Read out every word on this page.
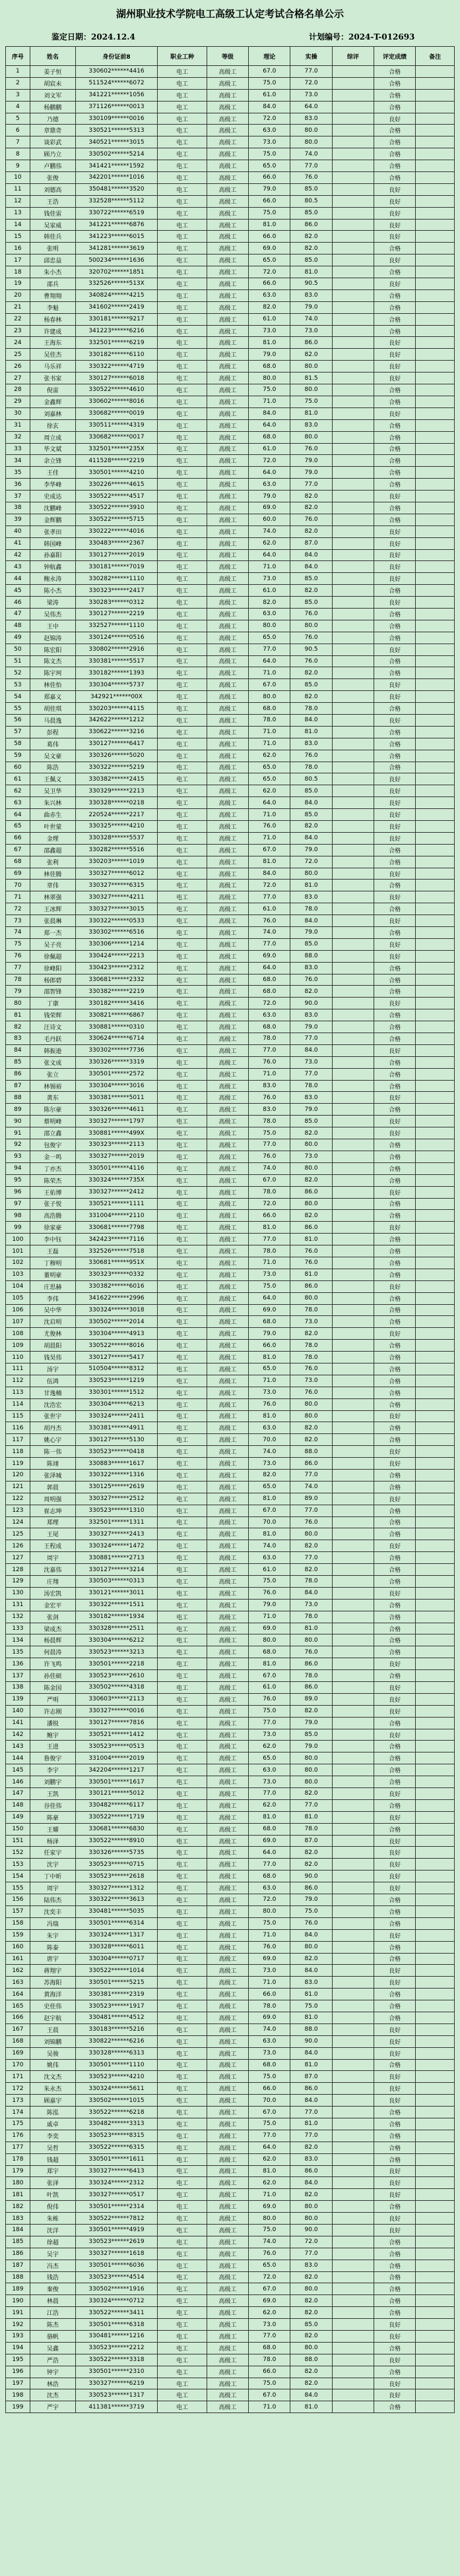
湖州职业技术学院电工高级工认定考试合格名单公示
鉴定日期：2024.12.4	计划编号：2024-T-012693
序号	姓名	身份证前8	职业工种	等级	理论	实操	综评	评定成绩	备注
1	姜子恒	330602******4416	电工	高级工	67.0	77.0		合格	
2	胡宸未	511524******6072	电工	高级工	75.0	72.0		合格	
3	刘文军	341221******1056	电工	高级工	61.0	73.0		合格	
4	杨鹏鹏	371126******0013	电工	高级工	84.0	64.0		合格	
5	乃德	330109******0016	电工	高级工	72.0	83.0		良好	
6	章鼎奇	330521******5313	电工	高级工	63.0	80.0		合格	
7	谈彩武	340521******3015	电工	高级工	73.0	80.0		合格	
8	顾乃立	330502******5214	电工	高级工	75.0	74.0		合格	
9	卢鹏伟	341421******1592	电工	高级工	65.0	77.0		合格	
10	张俊	342201******1016	电工	高级工	66.0	76.0		合格	
11	刘德高	350481******3520	电工	高级工	79.0	85.0		良好	
12	王浩	332528******5112	电工	高级工	66.0	80.5		良好	
13	钱佳雷	330722******6519	电工	高级工	75.0	85.0		良好	
14	吴家威	341221******6876	电工	高级工	81.0	86.0		良好	
15	韩佳兵	341223******6015	电工	高级工	66.0	82.0		良好	
16	张明	341281******3619	电工	高级工	69.0	82.0		合格	
17	邱忠益	500234******1636	电工	高级工	65.0	85.0		良好	
18	朱小杰	320702******1851	电工	高级工	72.0	81.0		合格	
19	邵兵	332526******513X	电工	高级工	66.0	90.5		良好	
20	曹翔翔	340824******4215	电工	高级工	63.0	83.0		合格	
21	李魁	341602******2419	电工	高级工	82.0	79.0		合格	
22	杨春林	330181******9217	电工	高级工	61.0	74.0		合格	
23	许建成	341223******6216	电工	高级工	73.0	73.0		合格	
24	王海东	332501******6219	电工	高级工	81.0	86.0		良好	
25	吴佳杰	330182******6110	电工	高级工	79.0	82.0		良好	
26	马乐祥	330322******4719	电工	高级工	68.0	80.0		良好	
27	张书家	330127******6018	电工	高级工	80.0	81.5		良好	
28	倪雷	330522******4610	电工	高级工	75.0	80.0		合格	
29	金鑫辉	330602******8016	电工	高级工	71.0	75.0		合格	
30	刘嘉林	330682******0019	电工	高级工	84.0	81.0		良好	
31	徐玄	330511******4319	电工	高级工	64.0	83.0		合格	
32	周立成	330682******0017	电工	高级工	68.0	80.0		合格	
33	毕文斌	332501******235X	电工	高级工	61.0	76.0		合格	
34	余立锋	411528******2219	电工	高级工	72.0	79.0		合格	
35	王佳	330501******4210	电工	高级工	64.0	79.0		合格	
36	李华峰	330226******4615	电工	高级工	63.0	77.0		合格	
37	史成达	330522******4517	电工	高级工	79.0	82.0		良好	
38	沈鹏峰	330522******3910	电工	高级工	69.0	82.0		合格	
39	金辉鹏	330522******5715	电工	高级工	60.0	76.0		合格	
40	张孝田	330222******4016	电工	高级工	74.0	82.0		良好	
41	韩国峰	330483******2367	电工	高级工	62.0	87.0		良好	
42	孙嘉阳	330127******2019	电工	高级工	64.0	84.0		良好	
43	钟航鑫	330181******7019	电工	高级工	71.0	84.0		良好	
44	鲍永涛	330282******1110	电工	高级工	73.0	85.0		良好	
45	陈小杰	330323******2417	电工	高级工	61.0	82.0		合格	
46	梁涛	330283******0312	电工	高级工	82.0	85.0		良好	
47	吴伟杰	330127******2219	电工	高级工	63.0	76.0		合格	
48	王中	332527******1110	电工	高级工	80.0	80.0		合格	
49	赵锦涛	330124******0516	电工	高级工	65.0	76.0		合格	
50	陈宏阳	330802******2916	电工	高级工	77.0	90.5		良好	
51	陈文杰	330381******5517	电工	高级工	64.0	76.0		合格	
52	陈宇珂	330182******1393	电工	高级工	71.0	82.0		合格	
53	林佳怡	330304******5737	电工	高级工	67.0	85.0		良好	
54	郑嘉义	342921******00X	电工	高级工	80.0	82.0		良好	
55	胡佳琪	330203******4115	电工	高级工	68.0	78.0		合格	
56	马晨逸	342622******1212	电工	高级工	78.0	84.0		良好	
57	彭程	330622******3216	电工	高级工	71.0	81.0		合格	
58	葛伟	330127******6417	电工	高级工	71.0	83.0		合格	
59	吴文豪	330326******5020	电工	高级工	62.0	76.0		合格	
60	陈浩	330322******5219	电工	高级工	65.0	78.0		合格	
61	王佩义	330382******2415	电工	高级工	65.0	80.5		良好	
62	吴卫华	330329******2213	电工	高级工	62.0	85.0		良好	
63	朱兴林	330328******0218	电工	高级工	64.0	84.0		良好	
64	曲赤生	220524******2217	电工	高级工	71.0	85.0		良好	
65	叶世蒙	330325******4210	电工	高级工	76.0	82.0		良好	
66	金理	330328******5537	电工	高级工	71.0	84.0		良好	
67	邵鑫超	330282******5516	电工	高级工	67.0	79.0		合格	
68	张利	330203******1019	电工	高级工	81.0	72.0		合格	
69	林佳腾	330327******6012	电工	高级工	84.0	80.0		良好	
70	章伟	330327******6315	电工	高级工	72.0	81.0		合格	
71	林翠强	330327******4211	电工	高级工	77.0	83.0		良好	
72	王冰辉	330327******3015	电工	高级工	61.0	78.0		合格	
73	张晨琳	330322******0533	电工	高级工	76.0	84.0		良好	
74	郑一杰	330302******6516	电工	高级工	74.0	79.0		合格	
75	吴子亮	330306******1214	电工	高级工	77.0	85.0		良好	
76	徐佩超	330424******2213	电工	高级工	69.0	88.0		良好	
77	徐峰阳	330423******2312	电工	高级工	64.0	83.0		合格	
78	杨郎碧	330681******2332	电工	高级工	68.0	76.0		合格	
79	邵智锋	330382******2219	电工	高级工	68.0	82.0		合格	
80	丁康	330182******3416	电工	高级工	72.0	90.0		良好	
81	钱荣辉	330821******6867	电工	高级工	63.0	83.0		合格	
82	汪诗文	330881******0310	电工	高级工	68.0	79.0		合格	
83	毛丹跃	330624******6714	电工	高级工	78.0	77.0		合格	
84	韩振逊	330302******7736	电工	高级工	77.0	84.0		良好	
85	张文成	330326******3319	电工	高级工	76.0	73.0		合格	
86	张立	330501******2572	电工	高级工	71.0	77.0		合格	
87	林锡裕	330304******3016	电工	高级工	83.0	78.0		合格	
88	黄东	330381******5011	电工	高级工	76.0	83.0		良好	
89	陈尔豪	330326******4611	电工	高级工	83.0	79.0		合格	
90	蔡明峰	330327******1797	电工	高级工	78.0	85.0		良好	
91	邵立鑫	330881******499X	电工	高级工	75.0	82.0		良好	
92	包俊宇	330323******2113	电工	高级工	77.0	80.0		合格	
93	金一鸣	330327******2019	电工	高级工	76.0	73.0		合格	
94	丁亦杰	330501******4116	电工	高级工	74.0	80.0		合格	
95	陈荣杰	330324******735X	电工	高级工	67.0	82.0		合格	
96	王佑博	330327******2412	电工	高级工	78.0	86.0		良好	
97	张子悦	330521******1111	电工	高级工	72.0	80.0		合格	
98	高浩腾	331004******2110	电工	高级工	66.0	82.0		合格	
99	徐家豪	330681******7798	电工	高级工	81.0	86.0		良好	
100	李中钰	342423******7116	电工	高级工	77.0	81.0		合格	
101	王磊	332526******7518	电工	高级工	78.0	76.0		合格	
102	丁穆明	330681******951X	电工	高级工	71.0	76.0		合格	
103	董明豪	330323******0332	电工	高级工	73.0	81.0		合格	
104	庄思赫	330382******6016	电工	高级工	75.0	86.0		良好	
105	李伟	341622******2996	电工	高级工	64.0	80.0		合格	
106	吴中华	330324******3018	电工	高级工	69.0	78.0		合格	
107	沈启明	330502******2014	电工	高级工	68.0	73.0		合格	
108	尤俊林	330304******4913	电工	高级工	79.0	82.0		良好	
109	胡晨阳	330522******8016	电工	高级工	66.0	78.0		合格	
110	钱昊伟	330127******5417	电工	高级工	81.0	78.0		合格	
111	汤宇	510504******8312	电工	高级工	65.0	76.0		合格	
112	伍鸿	330523******1219	电工	高级工	71.0	73.0		合格	
113	甘逸楠	330301******1512	电工	高级工	73.0	76.0		合格	
114	沈浩宏	330304******6213	电工	高级工	76.0	80.0		合格	
115	张世宇	330324******2411	电工	高级工	81.0	80.0		良好	
116	胡丹杰	330381******4911	电工	高级工	63.0	82.0		合格	
117	姚心宇	330127******5130	电工	高级工	70.0	82.0		合格	
118	陈一伟	330523******0418	电工	高级工	74.0	88.0		良好	
119	陈翊	330883******1617	电工	高级工	73.0	86.0		良好	
120	张泽城	330322******1316	电工	高级工	82.0	77.0		合格	
121	郭晨	330125******2619	电工	高级工	65.0	74.0		合格	
122	周明强	330327******2512	电工	高级工	81.0	89.0		良好	
123	崔志坤	330523******1310	电工	高级工	67.0	77.0		合格	
124	郑理	332501******1311	电工	高级工	70.0	76.0		合格	
125	王尾	330327******2413	电工	高级工	81.0	80.0		合格	
126	王程成	330324******1472	电工	高级工	74.0	82.0		良好	
127	周宇	330881******2713	电工	高级工	63.0	77.0		合格	
128	沈嘉伟	330127******3214	电工	高级工	61.0	82.0		合格	
129	庄翔	330503******0313	电工	高级工	75.0	78.0		合格	
130	汤宏凯	330121******3011	电工	高级工	76.0	84.0		良好	
131	金宏平	330322******1511	电工	高级工	79.0	73.0		合格	
132	张剑	330182******1934	电工	高级工	71.0	78.0		合格	
133	梁成杰	330328******2511	电工	高级工	69.0	81.0		合格	
134	杨晨辉	330304******6212	电工	高级工	80.0	80.0		合格	
135	何晨涛	330523******3213	电工	高级工	68.0	76.0		合格	
136	许飞鸣	330501******2218	电工	高级工	81.0	86.0		良好	
137	孙佳硕	330523******2610	电工	高级工	67.0	78.0		合格	
138	陈金国	330502******4318	电工	高级工	61.0	86.0		良好	
139	严明	330603******2113	电工	高级工	76.0	89.0		良好	
140	许志刚	330327******0016	电工	高级工	75.0	82.0		良好	
141	潘锐	330127******7816	电工	高级工	77.0	79.0		合格	
142	鲍宇	330521******1412	电工	高级工	73.0	85.0		良好	
143	王进	330523******0513	电工	高级工	62.0	79.0		合格	
144	鲁俊宇	331004******2019	电工	高级工	65.0	80.0		合格	
145	李宇	342204******1217	电工	高级工	63.0	80.0		合格	
146	刘鹏宇	330501******1617	电工	高级工	73.0	80.0		合格	
147	王凯	330121******5012	电工	高级工	77.0	82.0		良好	
148	谷佳伟	330482******6117	电工	高级工	62.0	77.0		合格	
149	陈豪	330522******1719	电工	高级工	81.0	81.0		良好	
150	王耀	330681******6830	电工	高级工	68.0	78.0		合格	
151	杨泽	330522******8910	电工	高级工	69.0	87.0		良好	
152	任家宇	330326******5735	电工	高级工	64.0	82.0		良好	
153	沈宇	330523******0715	电工	高级工	77.0	82.0		良好	
154	丁中昕	330523******2618	电工	高级工	68.0	90.0		良好	
155	周宇	330327******1312	电工	高级工	63.0	86.0		良好	
156	陆伟杰	330322******3613	电工	高级工	72.0	79.0		合格	
157	沈奕丰	330481******5035	电工	高级工	80.0	75.0		合格	
158	冯瑞	330501******6314	电工	高级工	75.0	76.0		合格	
159	朱宇	330324******1317	电工	高级工	71.0	84.0		良好	
160	陈泰	330328******6011	电工	高级工	76.0	80.0		合格	
161	唐宇	330304******0717	电工	高级工	69.0	82.0		合格	
162	蒋翔宇	330522******1014	电工	高级工	73.0	84.0		良好	
163	苏海阳	330501******5215	电工	高级工	71.0	83.0		良好	
164	黄海洋	330381******2319	电工	高级工	66.0	81.0		合格	
165	史佳伟	330523******1917	电工	高级工	78.0	75.0		合格	
166	赵宇航	330481******4512	电工	高级工	69.0	81.0		合格	
167	王晨	330183******5216	电工	高级工	74.0	88.0		良好	
168	刘锦鹏	330822******6216	电工	高级工	63.0	90.0		良好	
169	吴骏	330328******6313	电工	高级工	73.0	84.0		良好	
170	姚伟	330501******1110	电工	高级工	68.0	81.0		合格	
171	沈文杰	330523******4210	电工	高级工	75.0	87.0		良好	
172	朱永杰	330324******5611	电工	高级工	66.0	86.0		良好	
173	顾嘉宇	330502******1015	电工	高级工	70.0	84.0		良好	
174	陈泓	330522******6218	电工	高级工	67.0	77.0		合格	
175	戚卓	330482******3313	电工	高级工	75.0	81.0		合格	
176	李奕	330523******8315	电工	高级工	77.0	77.0		合格	
177	吴哲	330522******6315	电工	高级工	64.0	82.0		合格	
178	钱超	330501******1611	电工	高级工	62.0	83.0		合格	
179	郑宇	330327******6413	电工	高级工	81.0	86.0		良好	
180	张泽	330324******2312	电工	高级工	62.0	84.0		良好	
181	叶凯	330327******0517	电工	高级工	71.0	82.0		良好	
182	倪伟	330501******2314	电工	高级工	69.0	80.0		合格	
183	朱栋	330522******7812	电工	高级工	80.0	80.0		良好	
184	沈洋	330501******4919	电工	高级工	75.0	90.0		良好	
185	徐超	330523******2619	电工	高级工	74.0	72.0		合格	
186	吴宇	330327******1618	电工	高级工	76.0	77.0		合格	
187	冯杰	330501******6036	电工	高级工	65.0	83.0		合格	
188	钱浩	330523******4514	电工	高级工	72.0	82.0		合格	
189	秦俊	330502******1916	电工	高级工	67.0	80.0		合格	
190	林晨	330324******0712	电工	高级工	69.0	82.0		合格	
191	江浩	330522******3411	电工	高级工	62.0	82.0		合格	
192	陈杰	330501******6318	电工	高级工	73.0	85.0		良好	
193	骆帆	330481******1216	电工	高级工	77.0	82.0		良好	
194	吴鑫	330523******2212	电工	高级工	68.0	80.0		合格	
195	严浩	330522******3318	电工	高级工	78.0	88.0		良好	
196	钟宇	330501******2310	电工	高级工	66.0	82.0		合格	
197	林浩	330327******6219	电工	高级工	75.0	82.0		良好	
198	沈杰	330523******1317	电工	高级工	67.0	84.0		良好	
199	严宇	411381******3719	电工	高级工	71.0	81.0		合格	
